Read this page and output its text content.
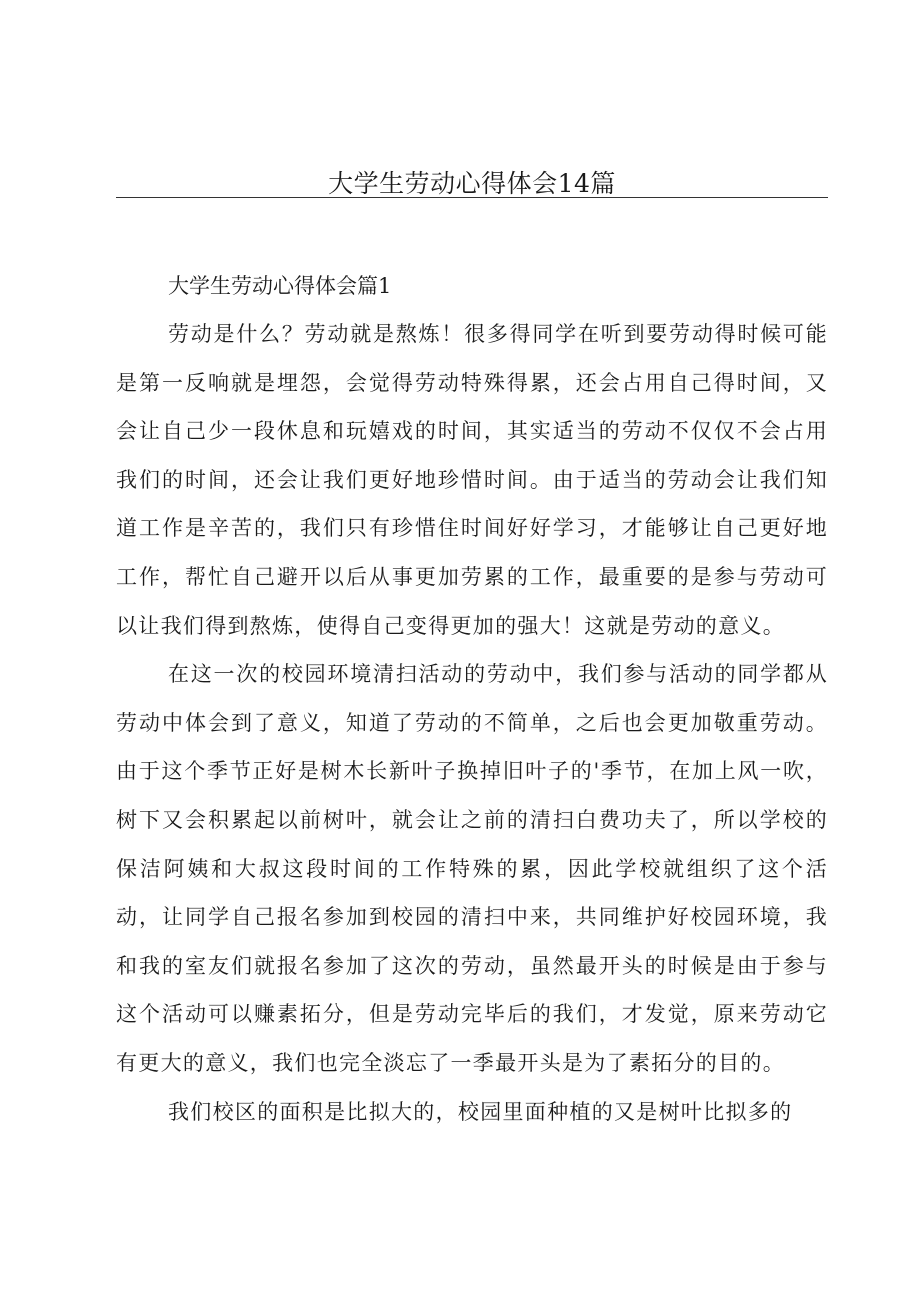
大学生劳动心得体会14篇
大学生劳动心得体会篇1

劳动是什么？劳动就是熬炼！很多得同学在听到要劳动得时候可能是第一反响就是埋怨，会觉得劳动特殊得累，还会占用自己得时间，又会让自己少一段休息和玩嬉戏的时间，其实适当的劳动不仅仅不会占用我们的时间，还会让我们更好地珍惜时间。由于适当的劳动会让我们知道工作是辛苦的，我们只有珍惜住时间好好学习，才能够让自己更好地工作，帮忙自己避开以后从事更加劳累的工作，最重要的是参与劳动可以让我们得到熬炼，使得自己变得更加的强大！这就是劳动的意义。

在这一次的校园环境清扫活动的劳动中，我们参与活动的同学都从劳动中体会到了意义，知道了劳动的不简单，之后也会更加敬重劳动。由于这个季节正好是树木长新叶子换掉旧叶子的'季节，在加上风一吹，树下又会积累起以前树叶，就会让之前的清扫白费功夫了，所以学校的保洁阿姨和大叔这段时间的工作特殊的累，因此学校就组织了这个活动，让同学自己报名参加到校园的清扫中来，共同维护好校园环境，我和我的室友们就报名参加了这次的劳动，虽然最开头的时候是由于参与这个活动可以赚素拓分，但是劳动完毕后的我们，才发觉，原来劳动它有更大的意义，我们也完全淡忘了一季最开头是为了素拓分的目的。

我们校区的面积是比拟大的，校园里面种植的又是树叶比拟多的
